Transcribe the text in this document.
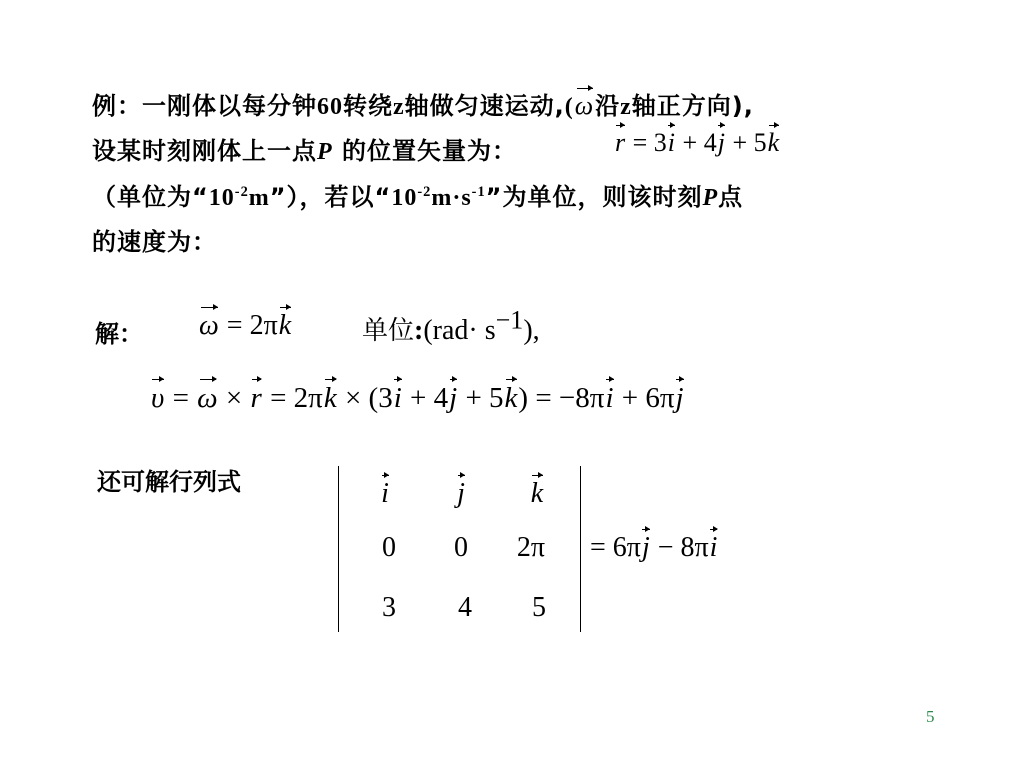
例：一刚体以每分钟60转绕z轴做匀速运动,(ω沿z轴正方向),
设某时刻刚体上一点P 的位置矢量为：	r = 3i + 4j + 5k
（单位为“$10^{-2}m$”），若以“$10^{-2}m\cdot s^{-1}$”为单位，则该时刻P点
的速度为：
解： ω = 2πk	单位:(rad· $s^{-1}$),
υ = ω × r = 2πk × (3i + 4j + 5k) = −8πi + 6πj
还可解行列式	i	j	k
0	0	2π
3	4	5
= 6πj − 8πi
5
